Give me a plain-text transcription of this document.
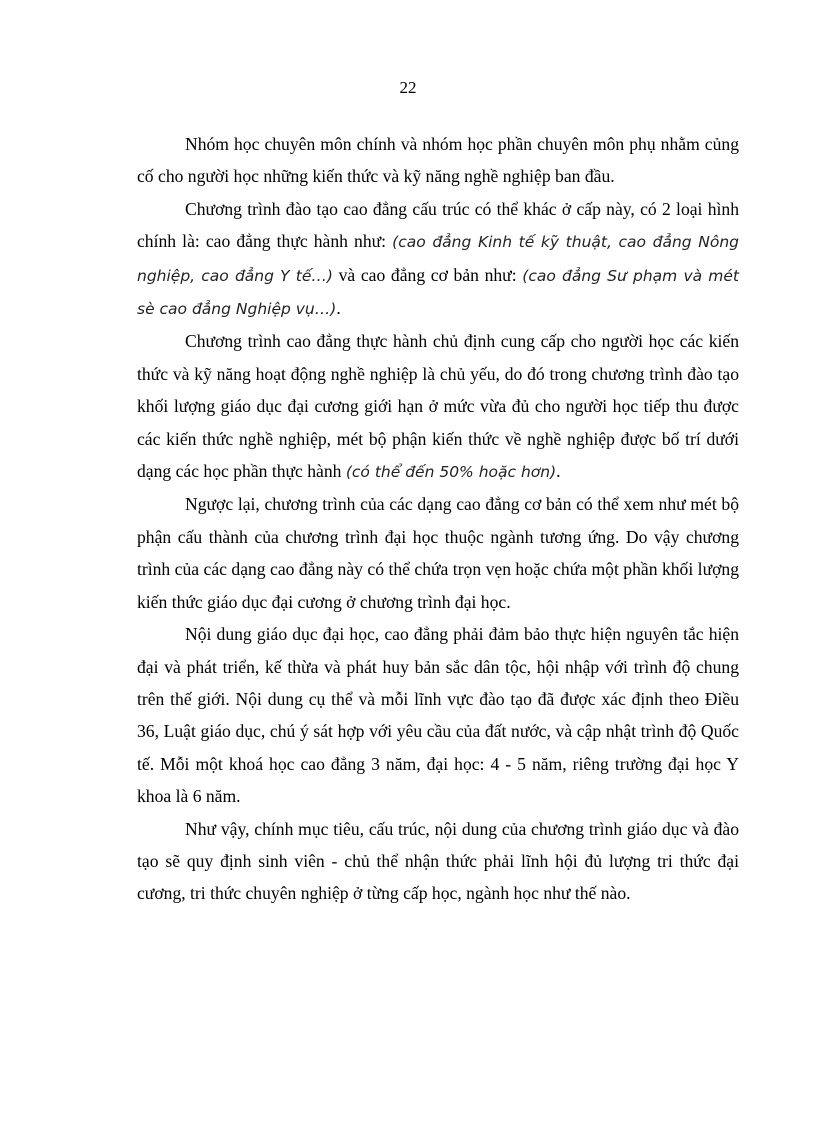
22

Nhóm học chuyên môn chính và nhóm học phần chuyên môn phụ nhằm củng cố cho người học những kiến thức và kỹ năng nghề nghiệp ban đầu.

Chương trình đào tạo cao đẳng cấu trúc có thể khác ở cấp này, có 2 loại hình chính là: cao đẳng thực hành như: (cao đẳng Kinh tế kỹ thuật, cao đẳng Nông nghiệp, cao đẳng Y tế…) và cao đẳng cơ bản như: (cao đẳng Sư phạm và mét sè cao đẳng Nghiệp vụ…).

Chương trình cao đẳng thực hành chủ định cung cấp cho người học các kiến thức và kỹ năng hoạt động nghề nghiệp là chủ yếu, do đó trong chương trình đào tạo khối lượng giáo dục đại cương giới hạn ở mức vừa đủ cho người học tiếp thu được các kiến thức nghề nghiệp, mét bộ phận kiến thức về nghề nghiệp được bố trí dưới dạng các học phần thực hành (có thể đến 50% hoặc hơn).

Ngược lại, chương trình của các dạng cao đẳng cơ bản có thể xem như mét bộ phận cấu thành của chương trình đại học thuộc ngành tương ứng. Do vậy chương trình của các dạng cao đẳng này có thể chứa trọn vẹn hoặc chứa một phần khối lượng kiến thức giáo dục đại cương ở chương trình đại học.

Nội dung giáo dục đại học, cao đẳng phải đảm bảo thực hiện nguyên tắc hiện đại và phát triển, kế thừa và phát huy bản sắc dân tộc, hội nhập với trình độ chung trên thế giới. Nội dung cụ thể và mỗi lĩnh vực đào tạo đã được xác định theo Điều 36, Luật giáo dục, chú ý sát hợp với yêu cầu của đất nước, và cập nhật trình độ Quốc tế. Mỗi một khoá học cao đẳng 3 năm, đại học: 4 - 5 năm, riêng trường đại học Y khoa là 6 năm.

Như vậy, chính mục tiêu, cấu trúc, nội dung của chương trình giáo dục và đào tạo sẽ quy định sinh viên - chủ thể nhận thức phải lĩnh hội đủ lượng tri thức đại cương, tri thức chuyên nghiệp ở từng cấp học, ngành học như thế nào.
